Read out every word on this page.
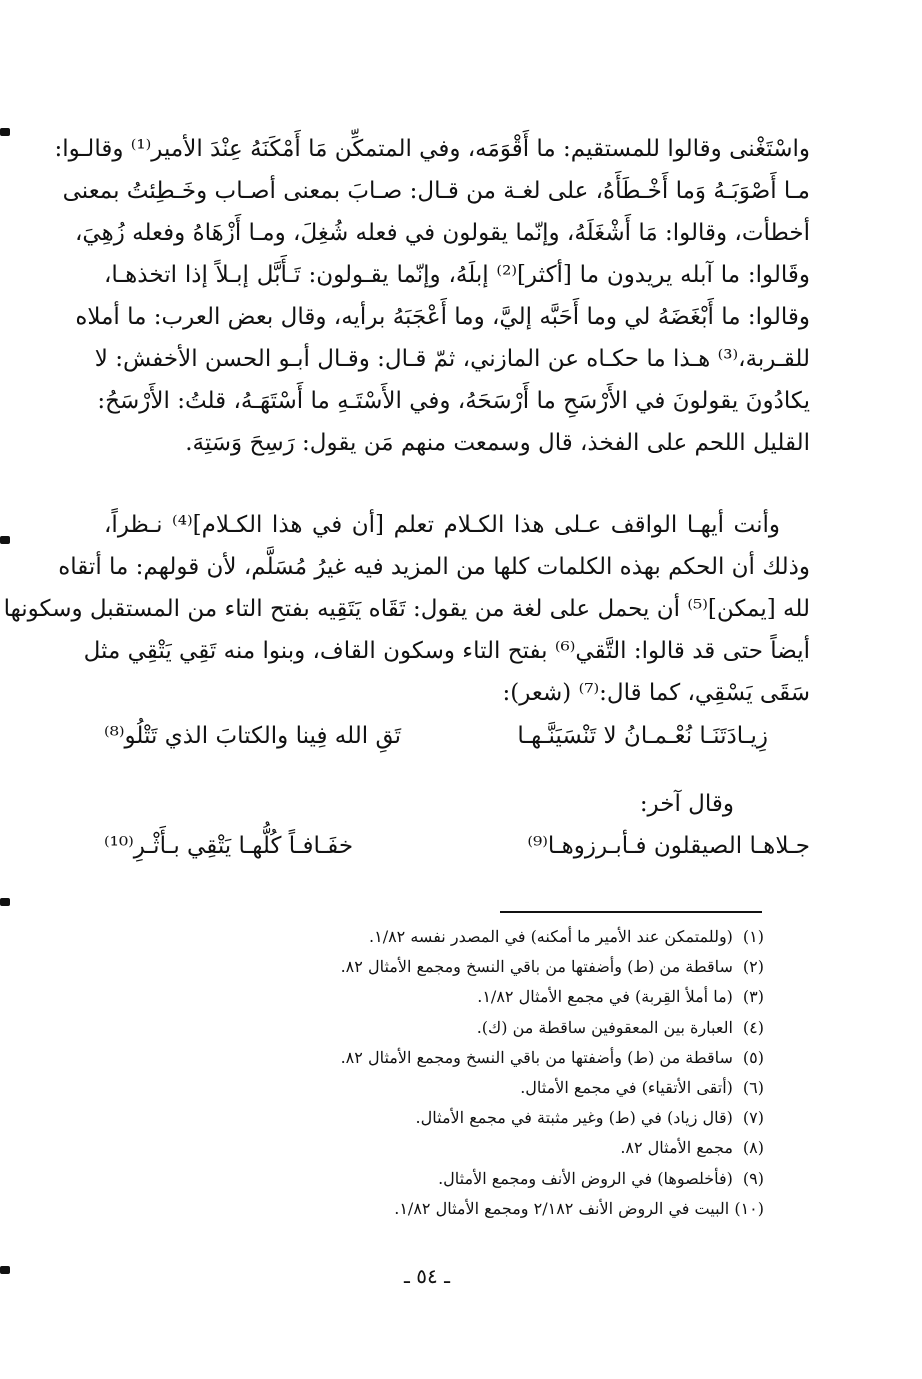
واسْتَغْنى وقالوا للمستقيم: ما أَقْوَمَه، وفي المتمكِّن مَا أَمْكَنَهُ عِنْدَ الأمير⁽¹⁾ وقالـوا:
مـا أَصْوَبَـهُ وَما أَخْـطَأَهُ، على لغـة من قـال: صـابَ بمعنى أصـاب وخَـطِئتُ بمعنى
أخطأت، وقالوا: مَا أَشْغَلَهُ، وإنّما يقولون في فعله شُغِلَ، ومـا أَزْهَاهُ وفعله زُهِيَ،
وقَالوا: ما آبله يريدون ما [أكثر]⁽²⁾ إبلَهُ، وإنّما يقـولون: تَـأَبَّل إبـلاً إذا اتخذهـا،
وقالوا: ما أَبْغَضَهُ لي وما أَحَبَّه إليَّ، وما أَعْجَبَهُ برأيه، وقال بعض العرب: ما أملاه
للقـربة،⁽³⁾ هـذا ما حكـاه عن المازني، ثمّ قـال: وقـال أبـو الحسن الأخفش: لا
يكادُونَ يقولونَ في الأَرْسَحِ ما أَرْسَحَهُ، وفي الأَسْتَـهِ ما أَسْتَهَـهُ، قلتُ: الأَرْسَحُ:
القليل اللحم على الفخذ، قال وسمعت منهم مَن يقول: رَسِحَ وَسَتِهَ.
وأنت أيهـا الواقف عـلى هذا الكـلام تعلم [أن في هذا الكـلام]⁽⁴⁾ نـظراً،
وذلك أن الحكم بهذه الكلمات كلها من المزيد فيه غيرُ مُسَلَّم، لأن قولهم: ما أتقاه
لله [يمكن]⁽⁵⁾ أن يحمل على لغة من يقول: تَقَاه يَتَقِيه بفتح التاء من المستقبل وسكونها
أيضاً حتى قد قالوا: التَّقي⁽⁶⁾ بفتح التاء وسكون القاف، وبنوا منه تَقِي يَتْقِي مثل
سَقَى يَسْقِي، كما قال:⁽⁷⁾ (شعر):
زِيـادَتَنَـا نُعْـمـانُ لا تَنْسَيَنَّـهـا
تَقِ الله فِينا والكتابَ الذي تَتْلُو⁽⁸⁾
وقال آخر:
جـلاهـا الصيقلون فـأبـرزوهـا⁽⁹⁾
خفَـافـاً كُلُّهـا يَتْقِي بـأَثْـرِ⁽¹⁰⁾
(١) (وللمتمكن عند الأمير ما أمكنه) في المصدر نفسه ١/٨٢.
(٢) ساقطة من (ط) وأضفتها من باقي النسخ ومجمع الأمثال ٨٢.
(٣) (ما أملأ القِربة) في مجمع الأمثال ١/٨٢.
(٤) العبارة بين المعقوفين ساقطة من (ك).
(٥) ساقطة من (ط) وأضفتها من باقي النسخ ومجمع الأمثال ٨٢.
(٦) (أتقى الأتقياء) في مجمع الأمثال.
(٧) (قال زياد) في (ط) وغير مثبتة في مجمع الأمثال.
(٨) مجمع الأمثال ٨٢.
(٩) (فأخلصوها) في الروض الأنف ومجمع الأمثال.
(١٠) البيت في الروض الأنف ٢/١٨٢ ومجمع الأمثال ١/٨٢.
ـ ٥٤ ـ
